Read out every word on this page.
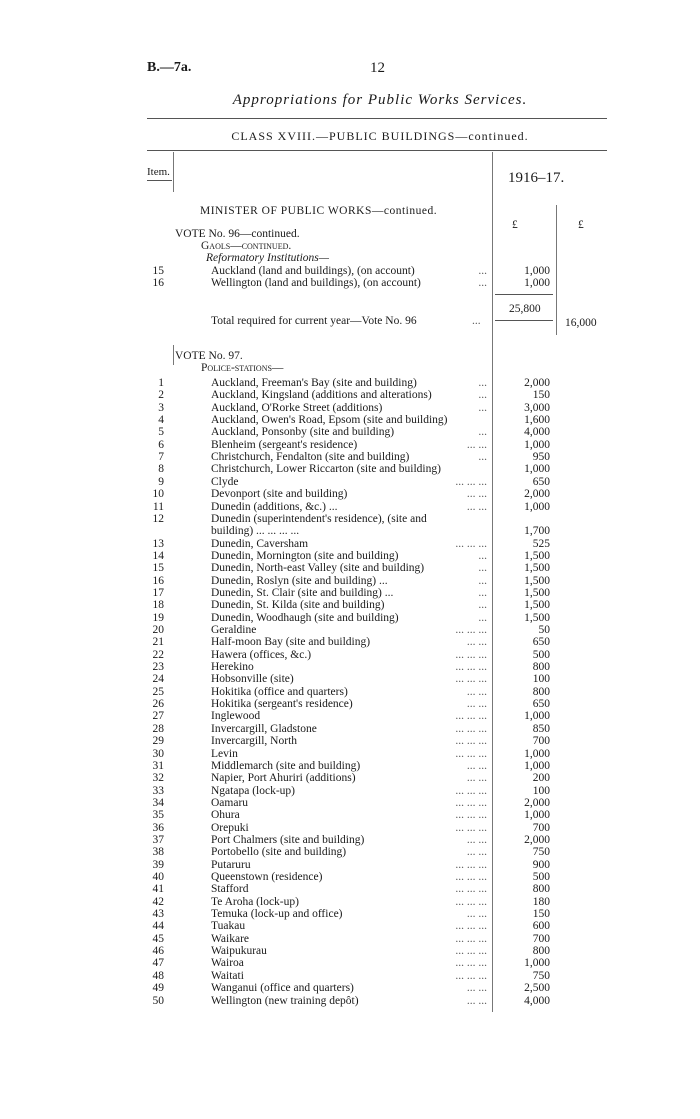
B.—7a.	12
Appropriations for Public Works Services.
CLASS XVIII.—PUBLIC BUILDINGS—continued.
Item.	1916–17.
MINISTER OF PUBLIC WORKS—continued.
£	£
VOTE No. 96—continued.
Gaols—continued.
Reformatory Institutions—
15	Auckland (land and buildings), (on account)	...	1,000
16	Wellington (land and buildings), (on account)	...	1,000
25,800
Total required for current year—Vote No. 96	...	16,000
VOTE No. 97.
Police-stations—
1	Auckland, Freeman's Bay (site and building)	...	2,000
2	Auckland, Kingsland (additions and alterations)	...	150
3	Auckland, O'Rorke Street (additions)	...	3,000
4	Auckland, Owen's Road, Epsom (site and building)	1,600
5	Auckland, Ponsonby (site and building)	...	4,000
6	Blenheim (sergeant's residence)	... ...	1,000
7	Christchurch, Fendalton (site and building)	...	950
8	Christchurch, Lower Riccarton (site and building)	1,000
9	Clyde	... ... ...	650
10	Devonport (site and building)	... ...	2,000
11	Dunedin (additions, &c.) ...	... ...	1,000
12	Dunedin (superintendent's residence), (site and
building) ... ... ... ...	1,700
13	Dunedin, Caversham	... ... ...	525
14	Dunedin, Mornington (site and building)	...	1,500
15	Dunedin, North-east Valley (site and building)	...	1,500
16	Dunedin, Roslyn (site and building) ...	...	1,500
17	Dunedin, St. Clair (site and building) ...	...	1,500
18	Dunedin, St. Kilda (site and building)	...	1,500
19	Dunedin, Woodhaugh (site and building)	...	1,500
20	Geraldine	... ... ...	50
21	Half-moon Bay (site and building)	... ...	650
22	Hawera (offices, &c.)	... ... ...	500
23	Herekino	... ... ...	800
24	Hobsonville (site)	... ... ...	100
25	Hokitika (office and quarters)	... ...	800
26	Hokitika (sergeant's residence)	... ...	650
27	Inglewood	... ... ...	1,000
28	Invercargill, Gladstone	... ... ...	850
29	Invercargill, North	... ... ...	700
30	Levin	... ... ...	1,000
31	Middlemarch (site and building)	... ...	1,000
32	Napier, Port Ahuriri (additions)	... ...	200
33	Ngatapa (lock-up)	... ... ...	100
34	Oamaru	... ... ...	2,000
35	Ohura	... ... ...	1,000
36	Orepuki	... ... ...	700
37	Port Chalmers (site and building)	... ...	2,000
38	Portobello (site and building)	... ...	750
39	Putaruru	... ... ...	900
40	Queenstown (residence)	... ... ...	500
41	Stafford	... ... ...	800
42	Te Aroha (lock-up)	... ... ...	180
43	Temuka (lock-up and office)	... ...	150
44	Tuakau	... ... ...	600
45	Waikare	... ... ...	700
46	Waipukurau	... ... ...	800
47	Wairoa	... ... ...	1,000
48	Waitati	... ... ...	750
49	Wanganui (office and quarters)	... ...	2,500
50	Wellington (new training depôt)	... ...	4,000
